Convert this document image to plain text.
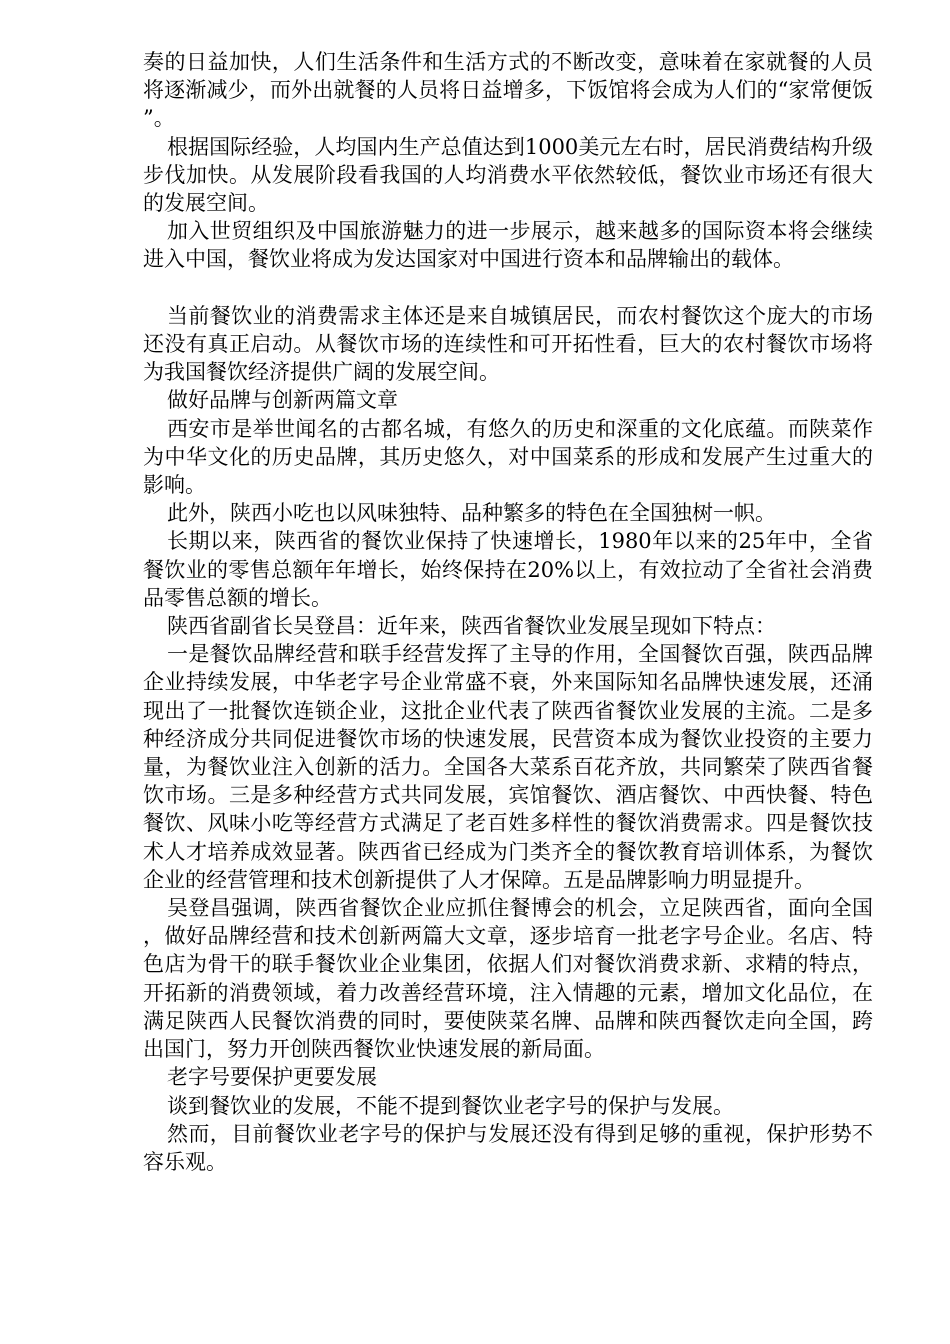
奏的日益加快，人们生活条件和生活方式的不断改变，意味着在家就餐的人员将逐渐减少，而外出就餐的人员将日益增多，下饭馆将会成为人们的“家常便饭”。

根据国际经验，人均国内生产总值达到1000美元左右时，居民消费结构升级步伐加快。从发展阶段看我国的人均消费水平依然较低，餐饮业市场还有很大的发展空间。

加入世贸组织及中国旅游魅力的进一步展示，越来越多的国际资本将会继续进入中国，餐饮业将成为发达国家对中国进行资本和品牌输出的载体。

当前餐饮业的消费需求主体还是来自城镇居民，而农村餐饮这个庞大的市场还没有真正启动。从餐饮市场的连续性和可开拓性看，巨大的农村餐饮市场将为我国餐饮经济提供广阔的发展空间。

做好品牌与创新两篇文章

西安市是举世闻名的古都名城，有悠久的历史和深重的文化底蕴。而陕菜作为中华文化的历史品牌，其历史悠久，对中国菜系的形成和发展产生过重大的影响。

此外，陕西小吃也以风味独特、品种繁多的特色在全国独树一帜。

长期以来，陕西省的餐饮业保持了快速增长，1980年以来的25年中，全省餐饮业的零售总额年年增长，始终保持在20%以上，有效拉动了全省社会消费品零售总额的增长。

陕西省副省长吴登昌：近年来，陕西省餐饮业发展呈现如下特点：

一是餐饮品牌经营和联手经营发挥了主导的作用，全国餐饮百强，陕西品牌企业持续发展，中华老字号企业常盛不衰，外来国际知名品牌快速发展，还涌现出了一批餐饮连锁企业，这批企业代表了陕西省餐饮业发展的主流。二是多种经济成分共同促进餐饮市场的快速发展，民营资本成为餐饮业投资的主要力量，为餐饮业注入创新的活力。全国各大菜系百花齐放，共同繁荣了陕西省餐饮市场。三是多种经营方式共同发展，宾馆餐饮、酒店餐饮、中西快餐、特色餐饮、风味小吃等经营方式满足了老百姓多样性的餐饮消费需求。四是餐饮技术人才培养成效显著。陕西省已经成为门类齐全的餐饮教育培训体系，为餐饮企业的经营管理和技术创新提供了人才保障。五是品牌影响力明显提升。

吴登昌强调，陕西省餐饮企业应抓住餐博会的机会，立足陕西省，面向全国，做好品牌经营和技术创新两篇大文章，逐步培育一批老字号企业。名店、特色店为骨干的联手餐饮业企业集团，依据人们对餐饮消费求新、求精的特点，开拓新的消费领域，着力改善经营环境，注入情趣的元素，增加文化品位，在满足陕西人民餐饮消费的同时，要使陕菜名牌、品牌和陕西餐饮走向全国，跨出国门，努力开创陕西餐饮业快速发展的新局面。

老字号要保护更要发展

谈到餐饮业的发展，不能不提到餐饮业老字号的保护与发展。

然而，目前餐饮业老字号的保护与发展还没有得到足够的重视，保护形势不容乐观。
